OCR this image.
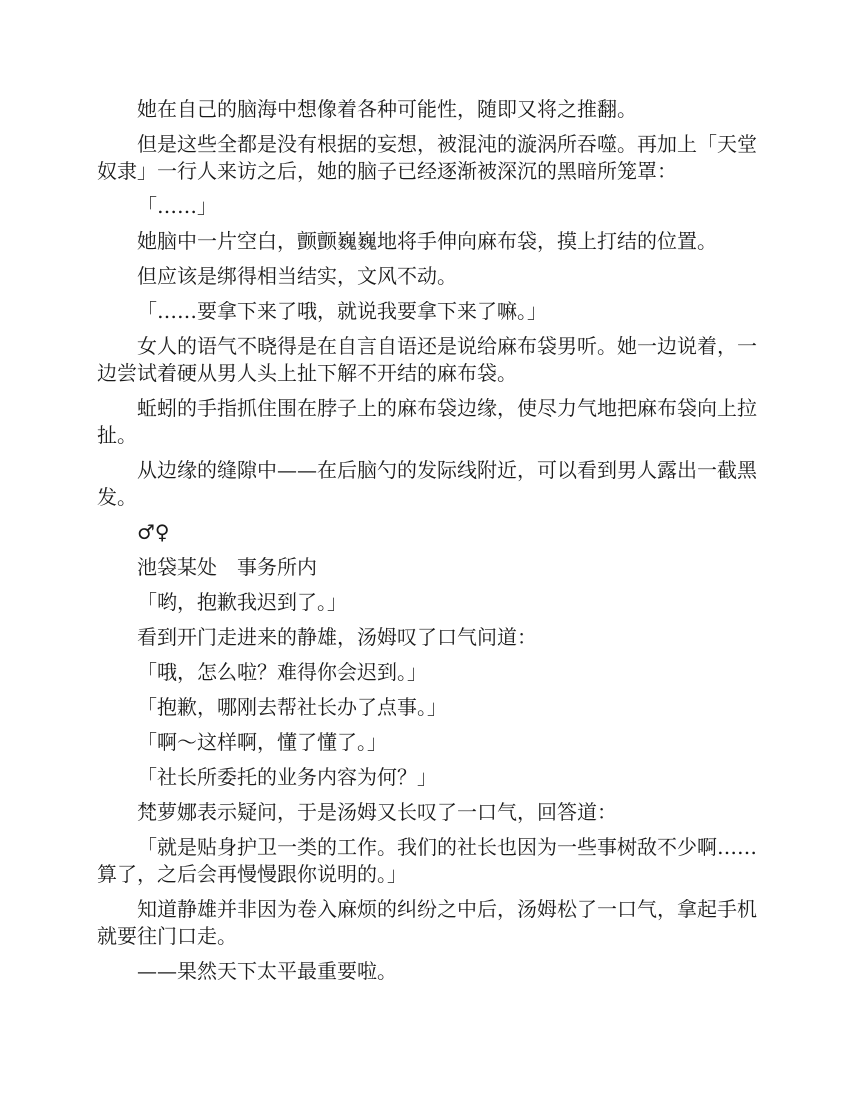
她在自己的脑海中想像着各种可能性，随即又将之推翻。

但是这些全都是没有根据的妄想，被混沌的漩涡所吞噬。再加上「天堂奴隶」一行人来访之后，她的脑子已经逐渐被深沉的黑暗所笼罩：

「……」

她脑中一片空白，颤颤巍巍地将手伸向麻布袋，摸上打结的位置。

但应该是绑得相当结实，文风不动。

「……要拿下来了哦，就说我要拿下来了嘛。」

女人的语气不晓得是在自言自语还是说给麻布袋男听。她一边说着，一边尝试着硬从男人头上扯下解不开结的麻布袋。

蚯蚓的手指抓住围在脖子上的麻布袋边缘，使尽力气地把麻布袋向上拉扯。

从边缘的缝隙中——在后脑勺的发际线附近，可以看到男人露出一截黑发。

♂♀

池袋某处　事务所内

「哟，抱歉我迟到了。」

看到开门走进来的静雄，汤姆叹了口气问道：

「哦，怎么啦？难得你会迟到。」

「抱歉，哪刚去帮社长办了点事。」

「啊～这样啊，懂了懂了。」

「社长所委托的业务内容为何？」

梵萝娜表示疑问，于是汤姆又长叹了一口气，回答道：

「就是贴身护卫一类的工作。我们的社长也因为一些事树敌不少啊……算了，之后会再慢慢跟你说明的。」

知道静雄并非因为卷入麻烦的纠纷之中后，汤姆松了一口气，拿起手机就要往门口走。

——果然天下太平最重要啦。
